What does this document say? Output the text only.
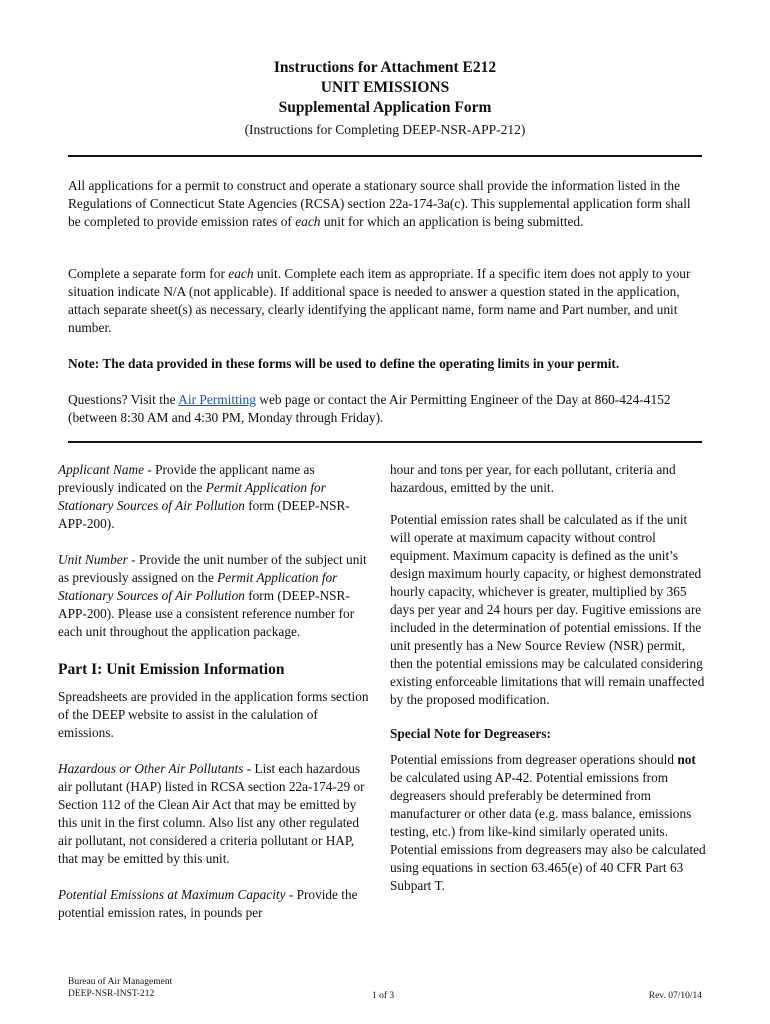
Instructions for Attachment E212
UNIT EMISSIONS
Supplemental Application Form
(Instructions for Completing DEEP-NSR-APP-212)

All applications for a permit to construct and operate a stationary source shall provide the information listed in the Regulations of Connecticut State Agencies (RCSA) section 22a-174-3a(c). This supplemental application form shall be completed to provide emission rates of each unit for which an application is being submitted.

Complete a separate form for each unit. Complete each item as appropriate. If a specific item does not apply to your situation indicate N/A (not applicable). If additional space is needed to answer a question stated in the application, attach separate sheet(s) as necessary, clearly identifying the applicant name, form name and Part number, and unit number.

Note: The data provided in these forms will be used to define the operating limits in your permit.

Questions? Visit the Air Permitting web page or contact the Air Permitting Engineer of the Day at 860-424-4152 (between 8:30 AM and 4:30 PM, Monday through Friday).

Applicant Name - Provide the applicant name as previously indicated on the Permit Application for Stationary Sources of Air Pollution form (DEEP-NSR-APP-200).

Unit Number - Provide the unit number of the subject unit as previously assigned on the Permit Application for Stationary Sources of Air Pollution form (DEEP-NSR-APP-200). Please use a consistent reference number for each unit throughout the application package.

Part I: Unit Emission Information

Spreadsheets are provided in the application forms section of the DEEP website to assist in the calulation of emissions.

Hazardous or Other Air Pollutants - List each hazardous air pollutant (HAP) listed in RCSA section 22a-174-29 or Section 112 of the Clean Air Act that may be emitted by this unit in the first column. Also list any other regulated air pollutant, not considered a criteria pollutant or HAP, that may be emitted by this unit.

Potential Emissions at Maximum Capacity - Provide the potential emission rates, in pounds per

hour and tons per year, for each pollutant, criteria and hazardous, emitted by the unit.

Potential emission rates shall be calculated as if the unit will operate at maximum capacity without control equipment. Maximum capacity is defined as the unit’s design maximum hourly capacity, or highest demonstrated hourly capacity, whichever is greater, multiplied by 365 days per year and 24 hours per day. Fugitive emissions are included in the determination of potential emissions. If the unit presently has a New Source Review (NSR) permit, then the potential emissions may be calculated considering existing enforceable limitations that will remain unaffected by the proposed modification.

Special Note for Degreasers:

Potential emissions from degreaser operations should not be calculated using AP-42. Potential emissions from degreasers should preferably be determined from manufacturer or other data (e.g. mass balance, emissions testing, etc.) from like-kind similarly operated units. Potential emissions from degreasers may also be calculated using equations in section 63.465(e) of 40 CFR Part 63 Subpart T.

Bureau of Air Management
DEEP-NSR-INST-212	1 of 3	Rev. 07/10/14
